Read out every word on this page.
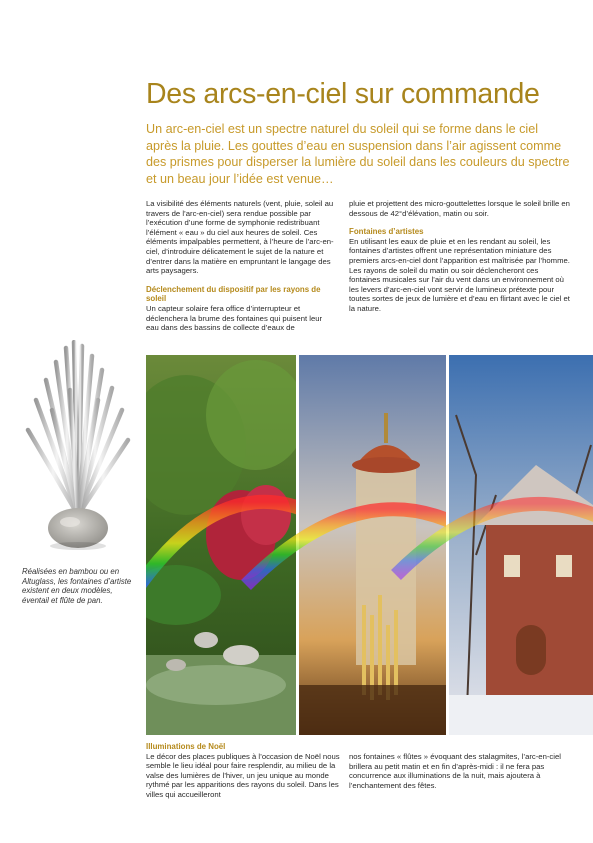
Des arcs-en-ciel sur commande
Un arc-en-ciel est un spectre naturel du soleil qui se forme dans le ciel après la pluie. Les gouttes d’eau en suspension dans l’air agissent comme des prismes pour disperser la lumière du soleil dans les couleurs du spectre et un beau jour l’idée est venue…

La visibilité des éléments naturels (vent, pluie, soleil au travers de l’arc-en-ciel) sera rendue possible par l’exécution d’une forme de symphonie redistribuant l’élément « eau » du ciel aux heures de soleil. Ces éléments impalpables permettent, à l’heure de l’arc-en-ciel, d’introduire délicatement le sujet de la nature et d’entrer dans la matière en empruntant le langage des arts paysagers.

Déclenchement du dispositif par les rayons de soleil

Un capteur solaire fera office d’interrupteur et déclenchera la brume des fontaines qui puisent leur eau dans des bassins de collecte d’eaux de

pluie et projettent des micro-gouttelettes lorsque le soleil brille en dessous de 42°d’élévation, matin ou soir.

Fontaines d’artistes

En utilisant les eaux de pluie et en les rendant au soleil, les fontaines d’artistes offrent une représentation miniature des premiers arcs-en-ciel dont l’apparition est maîtrisée par l’homme. Les rayons de soleil du matin ou soir déclencheront ces fontaines musicales sur l’air du vent dans un environnement où les levers d’arc-en-ciel vont servir de lumineux prétexte pour toutes sortes de jeux de lumière et d’eau en flirtant avec le ciel et la nature.

Réalisées en bambou ou en Altuglass, les fontaines d’artiste existent en deux modèles, éventail et flûte de pan.
Illuminations de Noël

Le décor des places publiques à l’occasion de Noël nous semble le lieu idéal pour faire resplendir, au milieu de la valse des lumières de l’hiver, un jeu unique au monde rythmé par les apparitions des rayons du soleil. Dans les villes qui accueilleront

nos fontaines « flûtes » évoquant des stalagmites, l’arc-en-ciel brillera au petit matin et en fin d’après-midi : il ne fera pas concurrence aux illuminations de la nuit, mais ajoutera à l’enchantement des fêtes.
